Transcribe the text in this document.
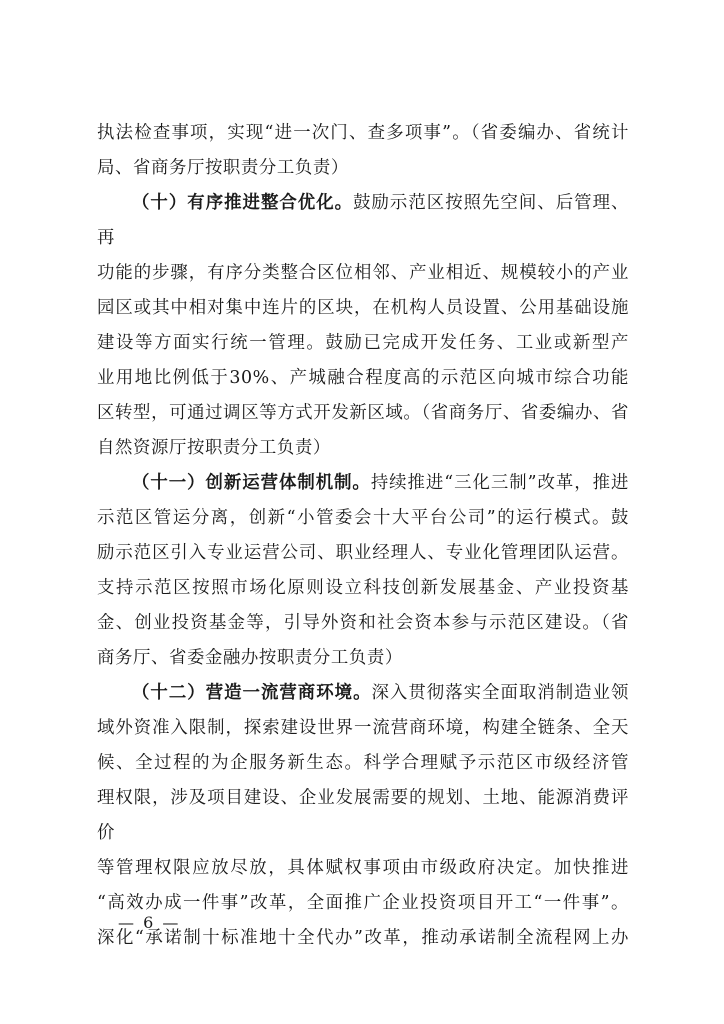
执法检查事项，实现“进一次门、查多项事”。（省委编办、省统计

局、省商务厅按职责分工负责）

（十）有序推进整合优化。鼓励示范区按照先空间、后管理、再

功能的步骤，有序分类整合区位相邻、产业相近、规模较小的产业

园区或其中相对集中连片的区块，在机构人员设置、公用基础设施

建设等方面实行统一管理。鼓励已完成开发任务、工业或新型产

业用地比例低于30%、产城融合程度高的示范区向城市综合功能

区转型，可通过调区等方式开发新区域。（省商务厅、省委编办、省

自然资源厅按职责分工负责）

（十一）创新运营体制机制。持续推进“三化三制”改革，推进

示范区管运分离，创新“小管委会十大平台公司”的运行模式。鼓

励示范区引入专业运营公司、职业经理人、专业化管理团队运营。

支持示范区按照市场化原则设立科技创新发展基金、产业投资基

金、创业投资基金等，引导外资和社会资本参与示范区建设。（省

商务厅、省委金融办按职责分工负责）

（十二）营造一流营商环境。深入贯彻落实全面取消制造业领

域外资准入限制，探索建设世界一流营商环境，构建全链条、全天

候、全过程的为企服务新生态。科学合理赋予示范区市级经济管

理权限，涉及项目建设、企业发展需要的规划、土地、能源消费评价

等管理权限应放尽放，具体赋权事项由市级政府决定。加快推进

“高效办成一件事”改革，全面推广企业投资项目开工“一件事”。

深化“承诺制十标准地十全代办”改革，推动承诺制全流程网上办

— 6 —
